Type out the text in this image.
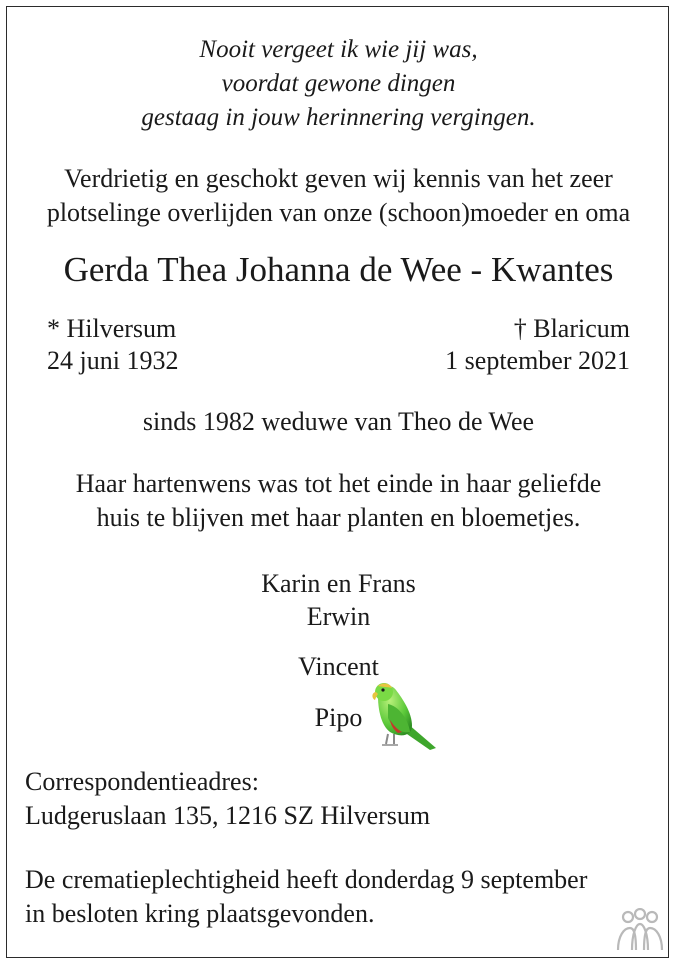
Nooit vergeet ik wie jij was,
voordat gewone dingen
gestaag in jouw herinnering vergingen.
Verdrietig en geschokt geven wij kennis van het zeer
plotselinge overlijden van onze (schoon)moeder en oma
Gerda Thea Johanna de Wee - Kwantes
* Hilversum
24 juni 1932
† Blaricum
1 september 2021
sinds 1982 weduwe van Theo de Wee
Haar hartenwens was tot het einde in haar geliefde
huis te blijven met haar planten en bloemetjes.
Karin en Frans
Erwin
Vincent
Pipo
Correspondentieadres:
Ludgeruslaan 135, 1216 SZ Hilversum
De crematieplechtigheid heeft donderdag 9 september
in besloten kring plaatsgevonden.
